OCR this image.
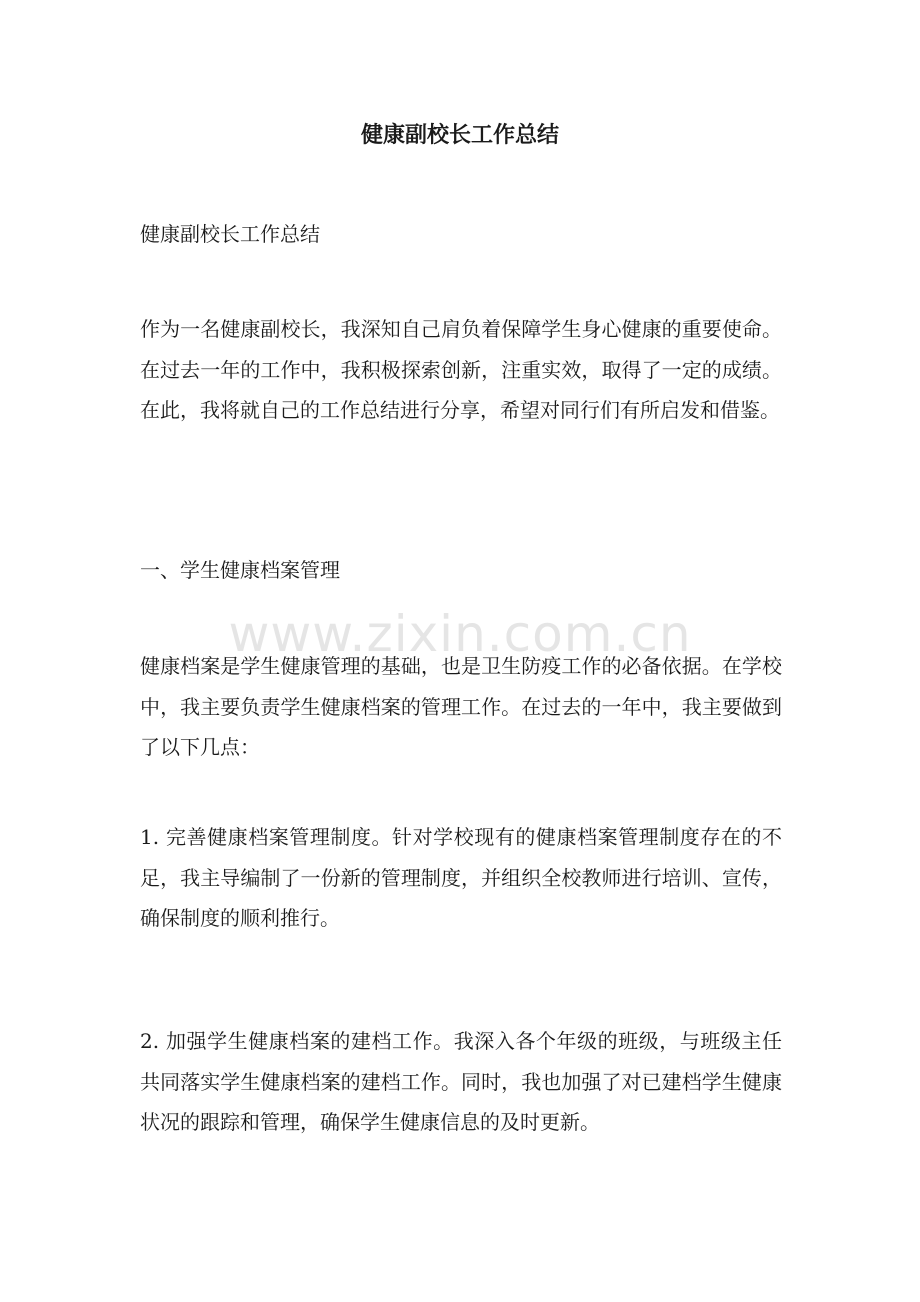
健康副校长工作总结

健康副校长工作总结

作为一名健康副校长，我深知自己肩负着保障学生身心健康的重要使命。在过去一年的工作中，我积极探索创新，注重实效，取得了一定的成绩。在此，我将就自己的工作总结进行分享，希望对同行们有所启发和借鉴。

一、学生健康档案管理

健康档案是学生健康管理的基础，也是卫生防疫工作的必备依据。在学校中，我主要负责学生健康档案的管理工作。在过去的一年中，我主要做到了以下几点：

1. 完善健康档案管理制度。针对学校现有的健康档案管理制度存在的不足，我主导编制了一份新的管理制度，并组织全校教师进行培训、宣传，确保制度的顺利推行。

2. 加强学生健康档案的建档工作。我深入各个年级的班级，与班级主任共同落实学生健康档案的建档工作。同时，我也加强了对已建档学生健康状况的跟踪和管理，确保学生健康信息的及时更新。

www.zixin.com.cn
